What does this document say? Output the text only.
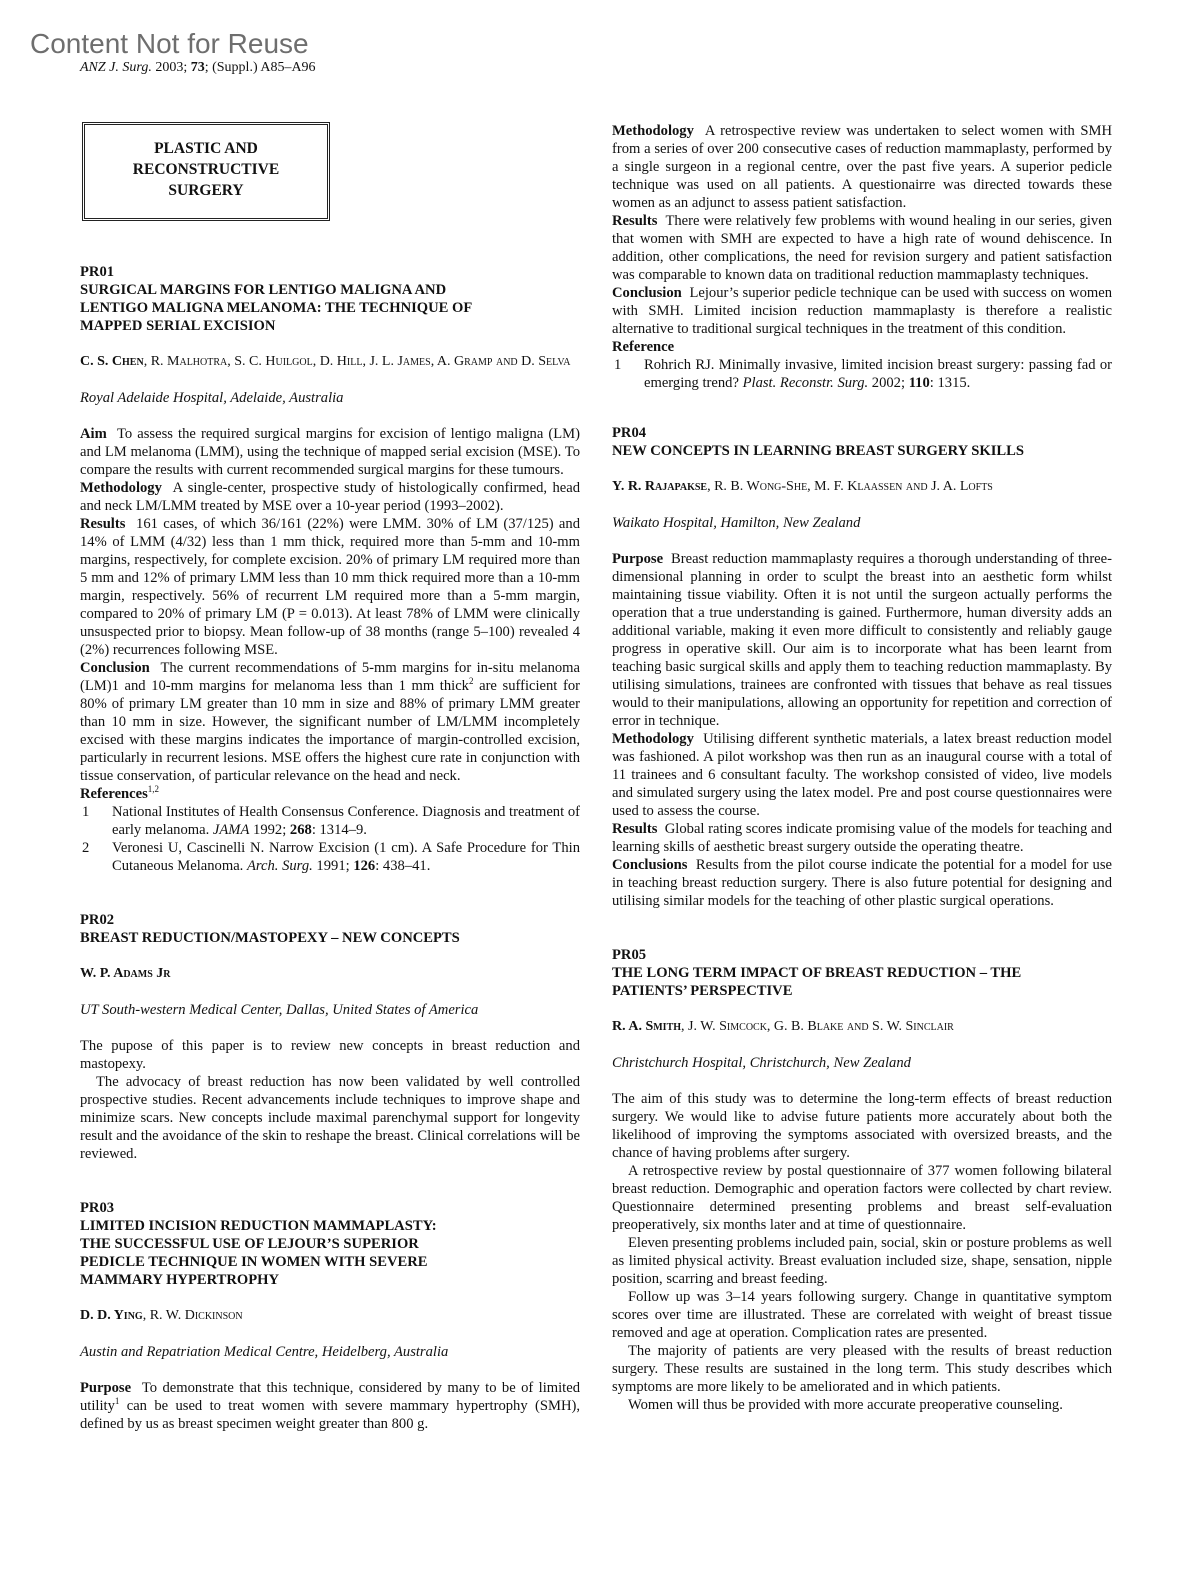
Content Not for Reuse
ANZ J. Surg. 2003; 73; (Suppl.) A85–A96
PLASTIC AND
RECONSTRUCTIVE
SURGERY
PR01
SURGICAL MARGINS FOR LENTIGO MALIGNA AND
LENTIGO MALIGNA MELANOMA: THE TECHNIQUE OF
MAPPED SERIAL EXCISION
C. S. Chen, R. Malhotra, S. C. Huilgol, D. Hill, J. L. James, A. Gramp and D. Selva
Royal Adelaide Hospital, Adelaide, Australia

Aim To assess the required surgical margins for excision of lentigo maligna (LM) and LM melanoma (LMM), using the technique of mapped serial excision (MSE). To compare the results with current recommended surgical margins for these tumours.

Methodology A single-center, prospective study of histologically confirmed, head and neck LM/LMM treated by MSE over a 10-year period (1993–2002).

Results 161 cases, of which 36/161 (22%) were LMM. 30% of LM (37/125) and 14% of LMM (4/32) less than 1 mm thick, required more than 5-mm and 10-mm margins, respectively, for complete excision. 20% of primary LM required more than 5 mm and 12% of primary LMM less than 10 mm thick required more than a 10-mm margin, respectively. 56% of recurrent LM required more than a 5-mm margin, compared to 20% of primary LM (P = 0.013). At least 78% of LMM were clinically unsuspected prior to biopsy. Mean follow-up of 38 months (range 5–100) revealed 4 (2%) recurrences following MSE.

Conclusion The current recommendations of 5-mm margins for in-situ melanoma (LM)1 and 10-mm margins for melanoma less than 1 mm thick$^2$ are sufficient for 80% of primary LM greater than 10 mm in size and 88% of primary LMM greater than 10 mm in size. However, the significant number of LM/LMM incompletely excised with these margins indicates the importance of margin-controlled excision, particularly in recurrent lesions. MSE offers the highest cure rate in conjunction with tissue conservation, of particular relevance on the head and neck.

References$^{1,2}$
1 National Institutes of Health Consensus Conference. Diagnosis and treatment of early melanoma. JAMA 1992; 268: 1314–9.
2 Veronesi U, Cascinelli N. Narrow Excision (1 cm). A Safe Procedure for Thin Cutaneous Melanoma. Arch. Surg. 1991; 126: 438–41.
PR02
BREAST REDUCTION/MASTOPEXY – NEW CONCEPTS
W. P. Adams Jr
UT South-western Medical Center, Dallas, United States of America

The pupose of this paper is to review new concepts in breast reduction and mastopexy.

The advocacy of breast reduction has now been validated by well controlled prospective studies. Recent advancements include techniques to improve shape and minimize scars. New concepts include maximal parenchymal support for longevity result and the avoidance of the skin to reshape the breast. Clinical correlations will be reviewed.

PR03
LIMITED INCISION REDUCTION MAMMAPLASTY:
THE SUCCESSFUL USE OF LEJOUR’S SUPERIOR
PEDICLE TECHNIQUE IN WOMEN WITH SEVERE
MAMMARY HYPERTROPHY
D. D. Ying, R. W. Dickinson
Austin and Repatriation Medical Centre, Heidelberg, Australia

Purpose To demonstrate that this technique, considered by many to be of limited utility$^1$ can be used to treat women with severe mammary hypertrophy (SMH), defined by us as breast specimen weight greater than 800 g.

Methodology A retrospective review was undertaken to select women with SMH from a series of over 200 consecutive cases of reduction mammaplasty, performed by a single surgeon in a regional centre, over the past five years. A superior pedicle technique was used on all patients. A questionairre was directed towards these women as an adjunct to assess patient satisfaction.

Results There were relatively few problems with wound healing in our series, given that women with SMH are expected to have a high rate of wound dehiscence. In addition, other complications, the need for revision surgery and patient satisfaction was comparable to known data on traditional reduction mammaplasty techniques.

Conclusion Lejour’s superior pedicle technique can be used with success on women with SMH. Limited incision reduction mammaplasty is therefore a realistic alternative to traditional surgical techniques in the treatment of this condition.

Reference
1 Rohrich RJ. Minimally invasive, limited incision breast surgery: passing fad or emerging trend? Plast. Reconstr. Surg. 2002; 110: 1315.
PR04
NEW CONCEPTS IN LEARNING BREAST SURGERY SKILLS
Y. R. Rajapakse, R. B. Wong-She, M. F. Klaassen and J. A. Lofts
Waikato Hospital, Hamilton, New Zealand

Purpose Breast reduction mammaplasty requires a thorough understanding of three-dimensional planning in order to sculpt the breast into an aesthetic form whilst maintaining tissue viability. Often it is not until the surgeon actually performs the operation that a true understanding is gained. Furthermore, human diversity adds an additional variable, making it even more difficult to consistently and reliably gauge progress in operative skill. Our aim is to incorporate what has been learnt from teaching basic surgical skills and apply them to teaching reduction mammaplasty. By utilising simulations, trainees are confronted with tissues that behave as real tissues would to their manipulations, allowing an opportunity for repetition and correction of error in technique.

Methodology Utilising different synthetic materials, a latex breast reduction model was fashioned. A pilot workshop was then run as an inaugural course with a total of 11 trainees and 6 consultant faculty. The workshop consisted of video, live models and simulated surgery using the latex model. Pre and post course questionnaires were used to assess the course.

Results Global rating scores indicate promising value of the models for teaching and learning skills of aesthetic breast surgery outside the operating theatre.

Conclusions Results from the pilot course indicate the potential for a model for use in teaching breast reduction surgery. There is also future potential for designing and utilising similar models for the teaching of other plastic surgical operations.

PR05
THE LONG TERM IMPACT OF BREAST REDUCTION – THE
PATIENTS’ PERSPECTIVE
R. A. Smith, J. W. Simcock, G. B. Blake and S. W. Sinclair
Christchurch Hospital, Christchurch, New Zealand

The aim of this study was to determine the long-term effects of breast reduction surgery. We would like to advise future patients more accurately about both the likelihood of improving the symptoms associated with oversized breasts, and the chance of having problems after surgery.

A retrospective review by postal questionnaire of 377 women following bilateral breast reduction. Demographic and operation factors were collected by chart review. Questionnaire determined presenting problems and breast self-evaluation preoperatively, six months later and at time of questionnaire.

Eleven presenting problems included pain, social, skin or posture problems as well as limited physical activity. Breast evaluation included size, shape, sensation, nipple position, scarring and breast feeding.

Follow up was 3–14 years following surgery. Change in quantitative symptom scores over time are illustrated. These are correlated with weight of breast tissue removed and age at operation. Complication rates are presented.

The majority of patients are very pleased with the results of breast reduction surgery. These results are sustained in the long term. This study describes which symptoms are more likely to be ameliorated and in which patients.

Women will thus be provided with more accurate preoperative counseling.
